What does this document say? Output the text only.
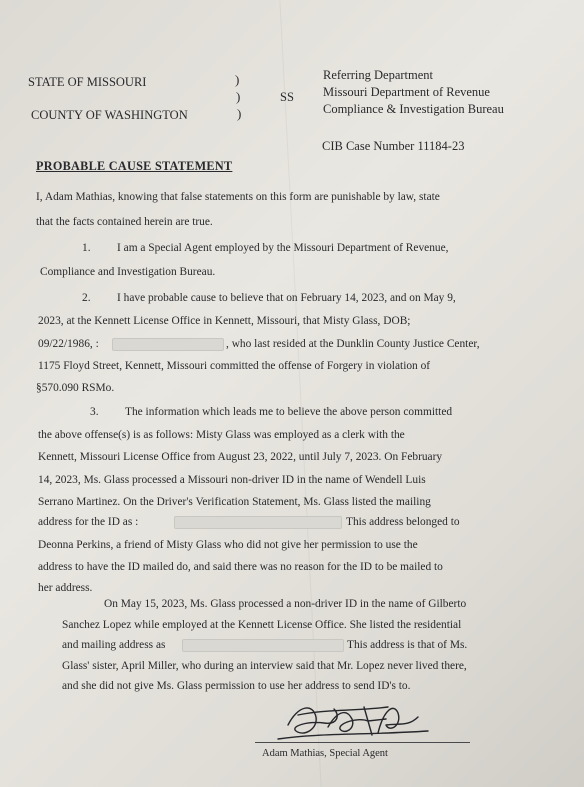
STATE OF MISSOURI
COUNTY OF WASHINGTON
)
)
)
SS
Referring Department
Missouri Department of Revenue
Compliance & Investigation Bureau
CIB Case Number 11184-23
PROBABLE CAUSE STATEMENT
I, Adam Mathias, knowing that false statements on this form are punishable by law, state
that the facts contained herein are true.
1. I am a Special Agent employed by the Missouri Department of Revenue,
Compliance and Investigation Bureau.
2. I have probable cause to believe that on February 14, 2023, and on May 9,
2023, at the Kennett License Office in Kennett, Missouri, that Misty Glass, DOB;
09/22/1986, :	, who last resided at the Dunklin County Justice Center,
1175 Floyd Street, Kennett, Missouri committed the offense of Forgery in violation of
§570.090 RSMo.
3. The information which leads me to believe the above person committed
the above offense(s) is as follows: Misty Glass was employed as a clerk with the
Kennett, Missouri License Office from August 23, 2022, until July 7, 2023. On February
14, 2023, Ms. Glass processed a Missouri non-driver ID in the name of Wendell Luis
Serrano Martinez. On the Driver's Verification Statement, Ms. Glass listed the mailing
address for the ID as :	This address belonged to
Deonna Perkins, a friend of Misty Glass who did not give her permission to use the
address to have the ID mailed do, and said there was no reason for the ID to be mailed to
her address.
On May 15, 2023, Ms. Glass processed a non-driver ID in the name of Gilberto
Sanchez Lopez while employed at the Kennett License Office. She listed the residential
and mailing address as	This address is that of Ms.
Glass' sister, April Miller, who during an interview said that Mr. Lopez never lived there,
and she did not give Ms. Glass permission to use her address to send ID's to.
Adam Mathias, Special Agent
